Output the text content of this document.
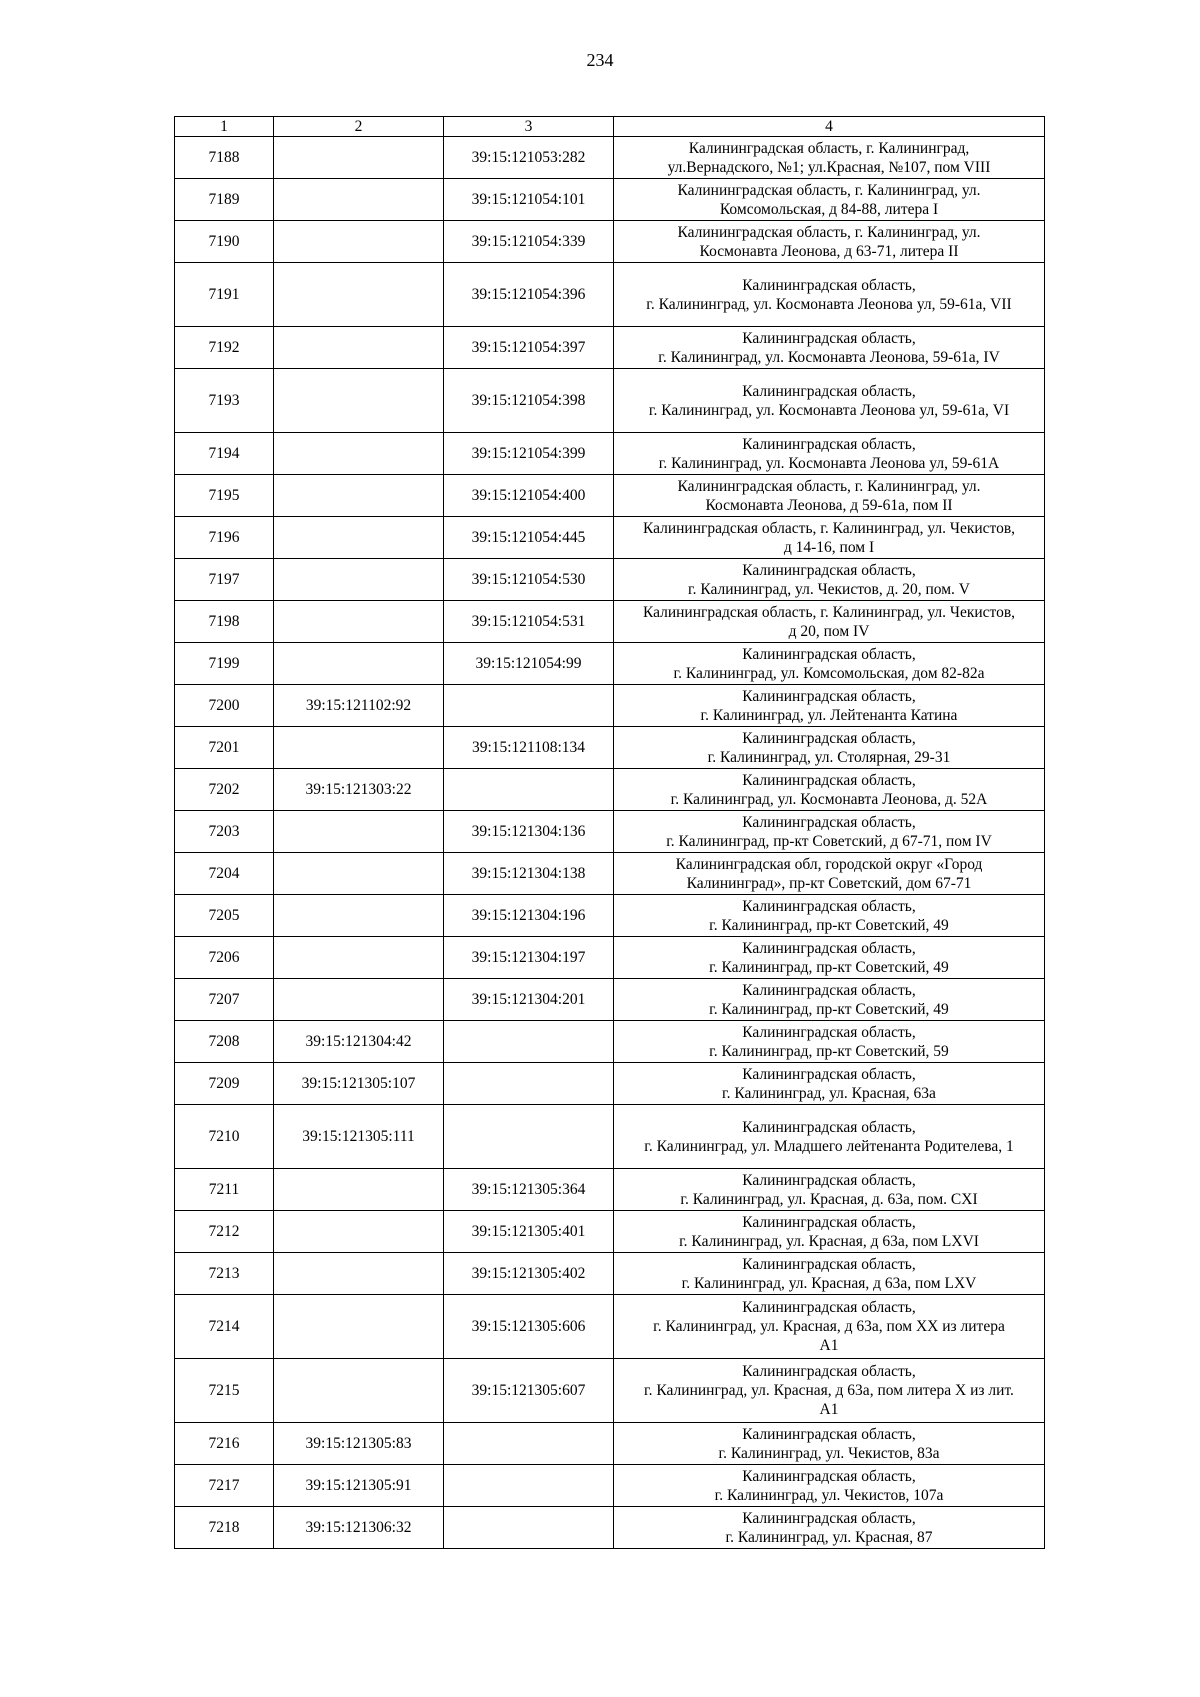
234
1	2	3	4
7188		39:15:121053:282	Калининградская область, г. Калининград,
ул.Вернадского, №1; ул.Красная, №107, пом VIII
7189		39:15:121054:101	Калининградская область, г. Калининград, ул.
Комсомольская, д 84-88, литера I
7190		39:15:121054:339	Калининградская область, г. Калининград, ул.
Космонавта Леонова, д 63-71, литера II
7191		39:15:121054:396	Калининградская область,
г. Калининград, ул. Космонавта Леонова ул, 59-61а, VII
7192		39:15:121054:397	Калининградская область,
г. Калининград, ул. Космонавта Леонова, 59-61а, IV
7193		39:15:121054:398	Калининградская область,
г. Калининград, ул. Космонавта Леонова ул, 59-61а, VI
7194		39:15:121054:399	Калининградская область,
г. Калининград, ул. Космонавта Леонова ул, 59-61А
7195		39:15:121054:400	Калининградская область, г. Калининград, ул.
Космонавта Леонова, д 59-61а, пом II
7196		39:15:121054:445	Калининградская область, г. Калининград, ул. Чекистов,
д 14-16, пом I
7197		39:15:121054:530	Калининградская область,
г. Калининград, ул. Чекистов, д. 20, пом. V
7198		39:15:121054:531	Калининградская область, г. Калининград, ул. Чекистов,
д 20, пом IV
7199		39:15:121054:99	Калининградская область,
г. Калининград, ул. Комсомольская, дом 82-82а
7200	39:15:121102:92		Калининградская область,
г. Калининград, ул. Лейтенанта Катина
7201		39:15:121108:134	Калининградская область,
г. Калининград, ул. Столярная, 29-31
7202	39:15:121303:22		Калининградская область,
г. Калининград, ул. Космонавта Леонова, д. 52А
7203		39:15:121304:136	Калининградская область,
г. Калининград, пр-кт Советский, д 67-71, пом IV
7204		39:15:121304:138	Калининградская обл, городской округ «Город
Калининград», пр-кт Советский, дом 67-71
7205		39:15:121304:196	Калининградская область,
г. Калининград, пр-кт Советский, 49
7206		39:15:121304:197	Калининградская область,
г. Калининград, пр-кт Советский, 49
7207		39:15:121304:201	Калининградская область,
г. Калининград, пр-кт Советский, 49
7208	39:15:121304:42		Калининградская область,
г. Калининград, пр-кт Советский, 59
7209	39:15:121305:107		Калининградская область,
г. Калининград, ул. Красная, 63а
7210	39:15:121305:111		Калининградская область,
г. Калининград, ул. Младшего лейтенанта Родителева, 1
7211		39:15:121305:364	Калининградская область,
г. Калининград, ул. Красная, д. 63а, пом. CXI
7212		39:15:121305:401	Калининградская область,
г. Калининград, ул. Красная, д 63а, пом LXVI
7213		39:15:121305:402	Калининградская область,
г. Калининград, ул. Красная, д 63а, пом LXV
7214		39:15:121305:606	Калининградская область,
г. Калининград, ул. Красная, д 63а, пом XX из литера
А1
7215		39:15:121305:607	Калининградская область,
г. Калининград, ул. Красная, д 63а, пом литера X из лит.
А1
7216	39:15:121305:83		Калининградская область,
г. Калининград, ул. Чекистов, 83а
7217	39:15:121305:91		Калининградская область,
г. Калининград, ул. Чекистов, 107а
7218	39:15:121306:32		Калининградская область,
г. Калининград, ул. Красная, 87
